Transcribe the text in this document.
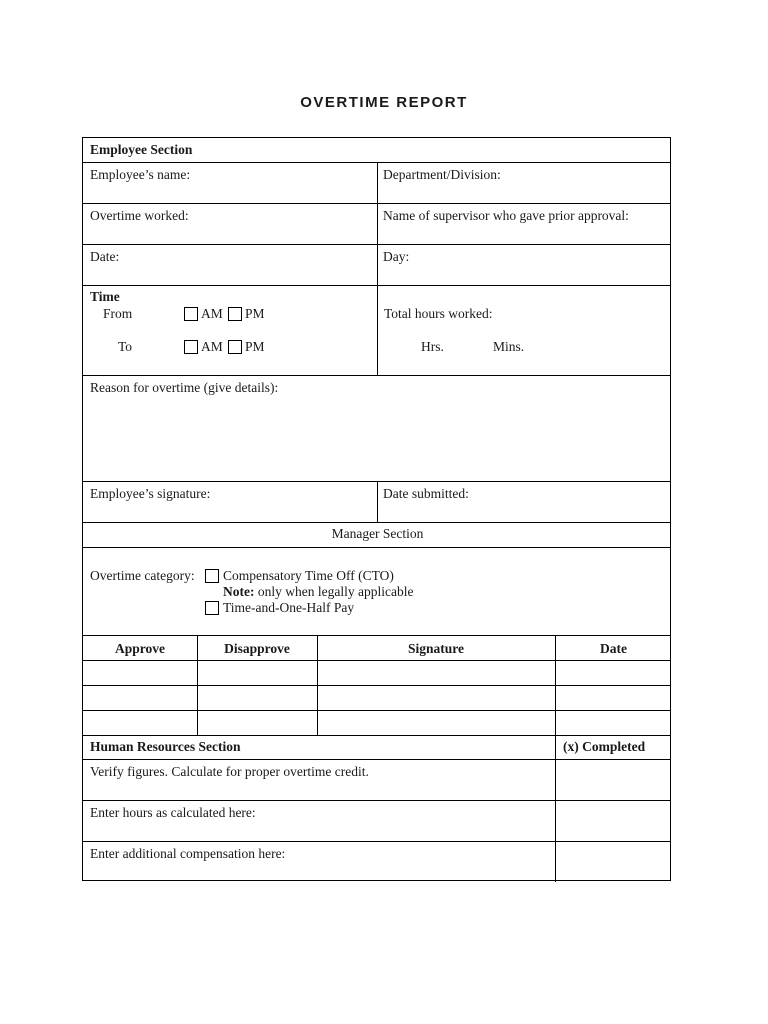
OVERTIME REPORT
Employee Section
Employee’s name:	Department/Division:
Overtime worked:	Name of supervisor who gave prior approval:
Date:	Day:
Time
From	AM PM
To	AM PM
Total hours worked:
Hrs.	Mins.
Reason for overtime (give details):
Employee’s signature:	Date submitted:
Manager Section
Overtime category: Compensatory Time Off (CTO)
Note: only when legally applicable
Time-and-One-Half Pay
Approve	Disapprove	Signature	Date
Human Resources Section	(x) Completed
Verify figures. Calculate for proper overtime credit.
Enter hours as calculated here:
Enter additional compensation here:
